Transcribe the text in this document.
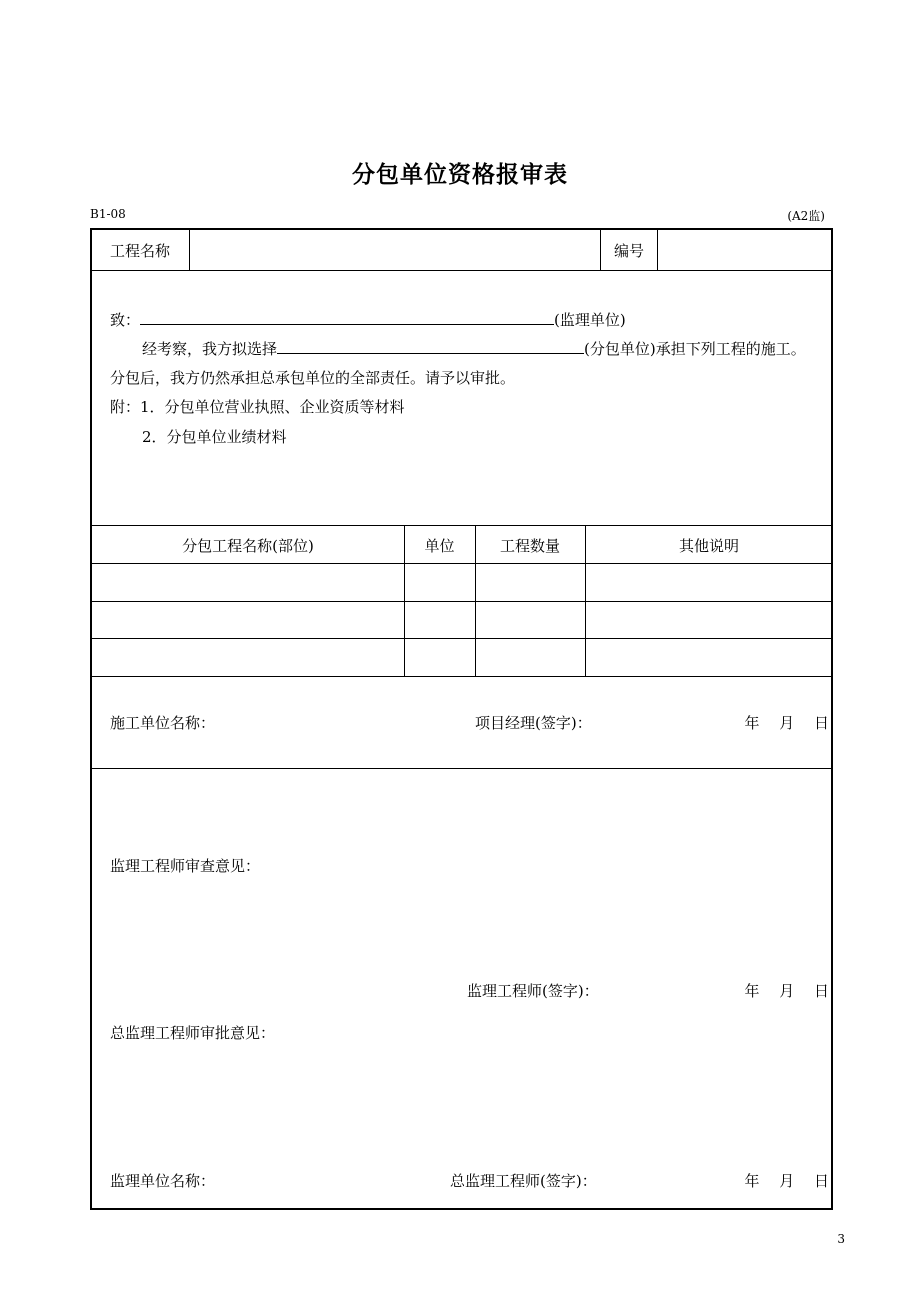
分包单位资格报审表
B1-08	(A2监)
工程名称	编号
致：	(监理单位)
经考察，我方拟选择	(分包单位)承担下列工程的施工。
分包后，我方仍然承担总承包单位的全部责任。请予以审批。
附：1．分包单位营业执照、企业资质等材料
2．分包单位业绩材料
分包工程名称(部位)	单位	工程数量	其他说明
施工单位名称：	项目经理(签字)：	年　 月　 日
监理工程师审查意见：
监理工程师(签字)：	年　 月　 日
总监理工程师审批意见：
监理单位名称：	总监理工程师(签字)：	年　 月　 日
3
